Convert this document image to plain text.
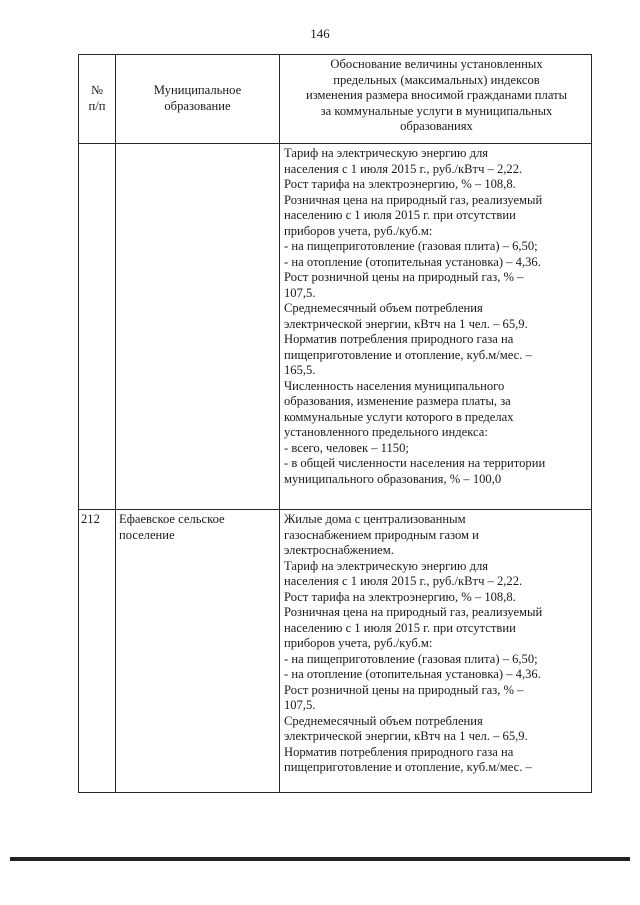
146
№
п/п
Муниципальное
образование
Обоснование величины установленных
предельных (максимальных) индексов
изменения размера вносимой гражданами платы
за коммунальные услуги в муниципальных
образованиях
Тариф на электрическую энергию для
населения с 1 июля 2015 г., руб./кВтч – 2,22.
Рост тарифа на электроэнергию, % – 108,8.
Розничная цена на природный газ, реализуемый
населению с 1 июля 2015 г. при отсутствии
приборов учета, руб./куб.м:
- на пищеприготовление (газовая плита) – 6,50;
- на отопление (отопительная установка) – 4,36.
Рост розничной цены на природный газ, % –
107,5.
Среднемесячный объем потребления
электрической энергии, кВтч на 1 чел. – 65,9.
Норматив потребления природного газа на
пищеприготовление и отопление, куб.м/мес. –
165,5.
Численность населения муниципального
образования, изменение размера платы, за
коммунальные услуги которого в пределах
установленного предельного индекса:
- всего, человек – 1150;
- в общей численности населения на территории
муниципального образования, % – 100,0
212	Ефаевское сельское
поселение
Жилые дома с централизованным
газоснабжением природным газом и
электроснабжением.
Тариф на электрическую энергию для
населения с 1 июля 2015 г., руб./кВтч – 2,22.
Рост тарифа на электроэнергию, % – 108,8.
Розничная цена на природный газ, реализуемый
населению с 1 июля 2015 г. при отсутствии
приборов учета, руб./куб.м:
- на пищеприготовление (газовая плита) – 6,50;
- на отопление (отопительная установка) – 4,36.
Рост розничной цены на природный газ, % –
107,5.
Среднемесячный объем потребления
электрической энергии, кВтч на 1 чел. – 65,9.
Норматив потребления природного газа на
пищеприготовление и отопление, куб.м/мес. –
